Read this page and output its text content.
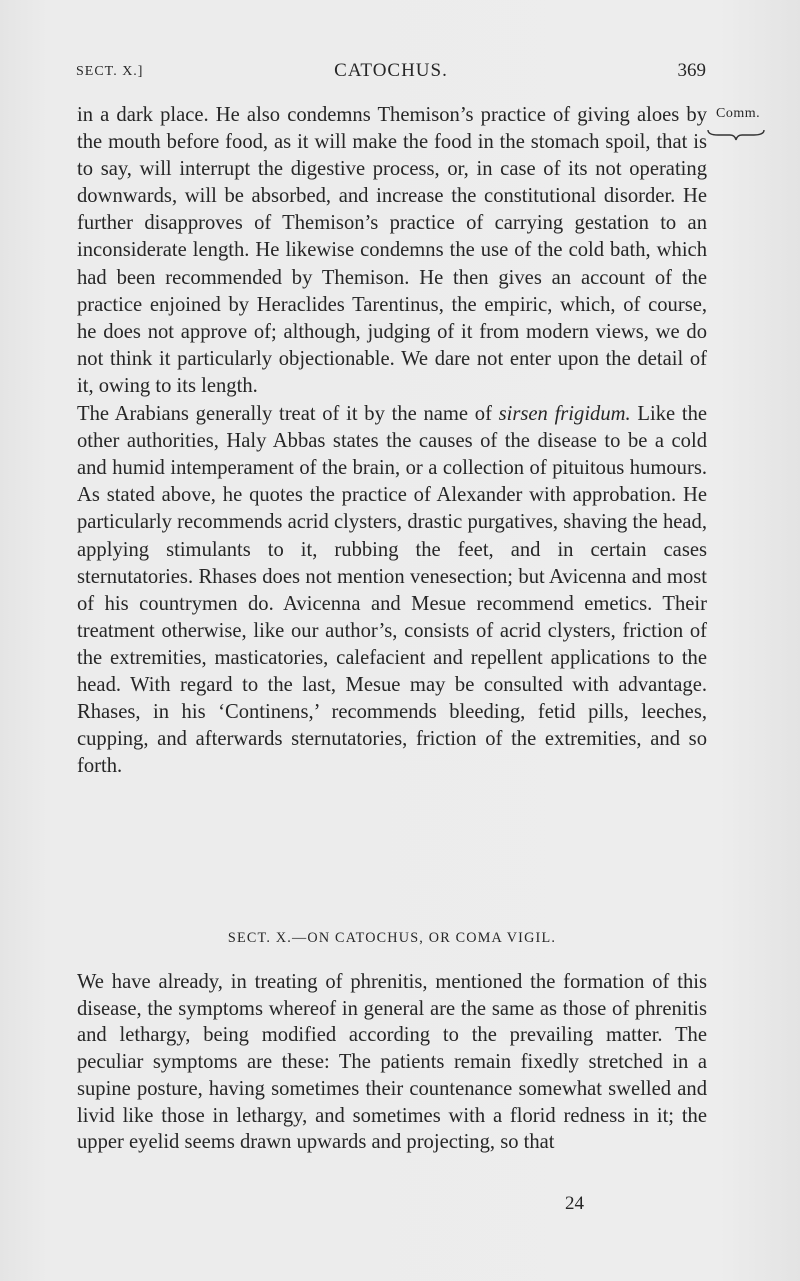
SECT. X.]	CATOCHUS.	369
Comm.

in a dark place. He also condemns Themison’s practice of giving aloes by the mouth before food, as it will make the food in the stomach spoil, that is to say, will interrupt the digestive process, or, in case of its not operating downwards, will be absorbed, and increase the constitutional disorder. He further disapproves of Themison’s practice of carrying gestation to an inconsiderate length. He likewise condemns the use of the cold bath, which had been recommended by Themison. He then gives an account of the practice enjoined by Heraclides Tarentinus, the empiric, which, of course, he does not approve of; although, judging of it from modern views, we do not think it particularly objectionable. We dare not enter upon the detail of it, owing to its length.

The Arabians generally treat of it by the name of sirsen frigidum. Like the other authorities, Haly Abbas states the causes of the disease to be a cold and humid intemperament of the brain, or a collection of pituitous humours. As stated above, he quotes the practice of Alexander with approbation. He particularly recommends acrid clysters, drastic purgatives, shaving the head, applying stimulants to it, rubbing the feet, and in certain cases sternutatories. Rhases does not mention venesection; but Avicenna and most of his countrymen do. Avicenna and Mesue recommend emetics. Their treatment otherwise, like our author’s, consists of acrid clysters, friction of the extremities, masticatories, calefacient and repellent applications to the head. With regard to the last, Mesue may be consulted with advantage. Rhases, in his ‘Continens,’ recommends bleeding, fetid pills, leeches, cupping, and afterwards sternutatories, friction of the extremities, and so forth.

SECT. X.—ON CATOCHUS, OR COMA VIGIL.

We have already, in treating of phrenitis, mentioned the formation of this disease, the symptoms whereof in general are the same as those of phrenitis and lethargy, being modified according to the prevailing matter. The peculiar symptoms are these: The patients remain fixedly stretched in a supine posture, having sometimes their countenance somewhat swelled and livid like those in lethargy, and sometimes with a florid redness in it; the upper eyelid seems drawn upwards and projecting, so that

24
